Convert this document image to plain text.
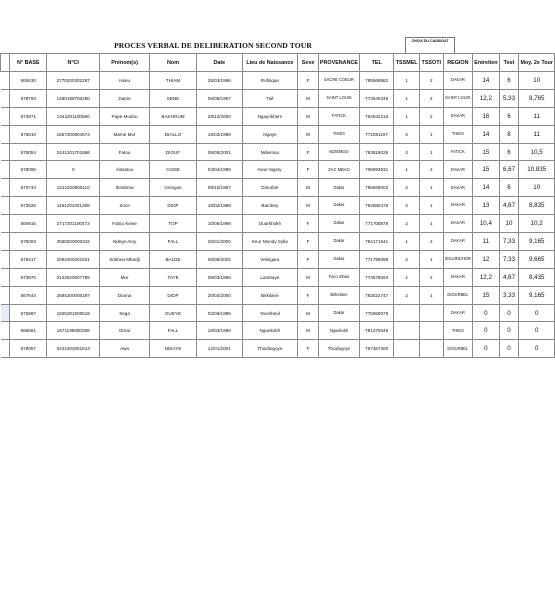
PROCES VERBAL DE DELIBERATION SECOND TOUR	CHOIX DU CANDIDAT
	N° BASE	N°CI	Prénom(s)	Nom	Date	Lieu de Naissance	Sexe	PROVENANCE	TEL	TSSMEL	TSSOTI	REGION	Entretien	Test	Moy. 2e Tour
	669430	2770200302287	Isseu	THIAM	25/03/1996	Rufisque	F	SACRE COEUR	785568882	1	2	DAKAR	14	6	10
	678793	1480199700280	Dame	SENE	06/05/1997	Taif	M	SAINT LOUIS	773645346	1	2	SAINT LOUIS	12,2	5,33	8,765
	673971	1442201100580	Pape Modou	BAKHOUM	28/12/2000	Ngayokhem	M	FATICK	784942216	1	2	DAKAR	16	6	11
	678610	1567200904674	Mame Mor	DIALLO	18/03/1998	Ngaye	M	THIES	771591197	2	1	THIES	14	8	11
	675054	2441201701686	Fatou	DIOUF	06/05/2001	Ndiemou	F	NDIEMOU	783819026	2	1	FATICK	15	6	10,5
	678090	0	Aissatou	CISSE	04/04/1998	Keur Ngary	F	ZAC MBAO	706993931	1	2	DAKAR	15	6,67	10,835
	670744	1212200800110	Ibrahima	Gningue	09/10/1987	Diourbel	M	Dakar	785569003	2	1	DAKAR	14	6	10
	673525	1191201001298	Soce	DIOP	15/02/1998	Bambey	M	Dakar	762680478	2	1	DAKAR	13	4,67	8,835
	660916	2717201100472	Fatou Kewe	TOP	10/06/1999	Ouarkhokh	F	Dakar	771708879	2	1	DAKAR	10,4	10	10,2
	675003	2560200000342	Ndeye Amy	FALL	26/01/2000	Keur Moody Sylla	F	Dakar	784171641	1	2	DAKAR	11	7,33	9,165
	679417	2052200201501	Sokhna Mbodji	BALDE	06/08/2002	Velingara	F	Dakar	771795098	2	1	ZIGUINCHOR	12	7,33	9,665
	673670	0123920007795	Mor	TAYE	08/03/1995	Lambaye	M	Faco mbao	774578093	1	2	DAKAR	12,2	4,67	8,435
	667644	2594200000197	Diama	DIOP	20/04/2000	Birkilane	F	Birkelane	782522747	2	1	DIOURBEL	15	3,33	9,165
	675887	1925201600519	Sega	GUEYE	03/06/1996	Yeumbeul	M	Dakar	775950079			DAKAR	0	0	0
	656661	1671199600288	Omar	FALL	18/03/1996	Nguekokh	M	Nguekokh	781270046			THIES	0	0	0
	678057	0222402001013	Awa	NDIAYE	12/01/2001	Thiodiogoye	F	Thiodiogoye	767367400			DIOURBEL	0	0	0
